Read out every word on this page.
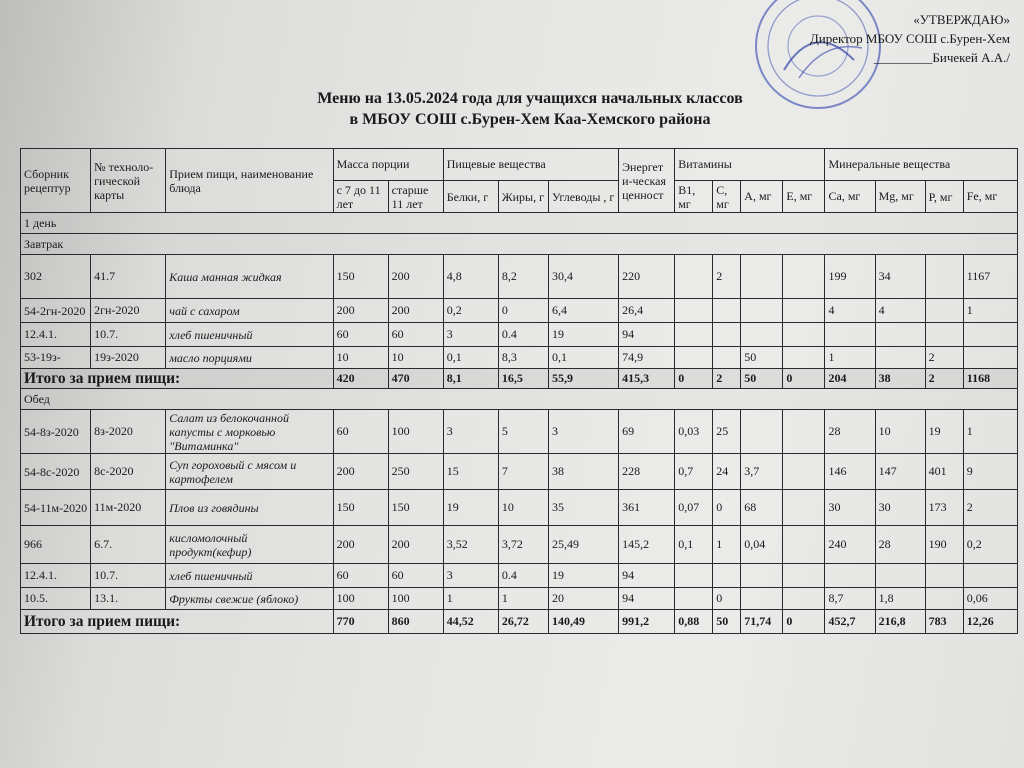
«УТВЕРЖДАЮ»
Директор МБОУ СОШ с.Бурен-Хем
_________Бичекей А.А./
Меню на 13.05.2024 года для учащихся начальных классов
в МБОУ СОШ с.Бурен-Хем Каа-Хемского района
Сборник рецептур	№ техноло-гической карты	Прием пищи, наименование блюда	Масса порции		Пищевые вещества			Энергет и-ческая ценност	Витамины				Минеральные вещества			
			с 7 до 11 лет	старше 11 лет	Белки, г	Жиры, г	Углеводы , г		В1, мг	С, мг	А, мг	Е, мг	Са, мг	Mg, мг	Р, мг	Fe, мг
1 день																
Завтрак																
302	41.7	Каша манная жидкая	150	200	4,8	8,2	30,4	220		2			199	34		1167
54-2гн-2020	2гн-2020	чай с сахаром	200	200	0,2	0	6,4	26,4					4	4		1
12.4.1.	10.7.	хлеб пшеничный	60	60	3	0.4	19	94								
53-19з-	19з-2020	масло порциями	10	10	0,1	8,3	0,1	74,9			50		1		2	
Итого за прием пищи:			420	470	8,1	16,5	55,9	415,3	0	2	50	0	204	38	2	1168
Обед																
54-8з-2020	8з-2020	Салат из белокочанной капусты с морковью "Витаминка"	60	100	3	5	3	69	0,03	25			28	10	19	1
54-8с-2020	8с-2020	Суп гороховый с мясом и картофелем	200	250	15	7	38	228	0,7	24	3,7		146	147	401	9
54-11м-2020	11м-2020	Плов из говядины	150	150	19	10	35	361	0,07	0	68		30	30	173	2
966	6.7.	кисломолочный продукт(кефир)	200	200	3,52	3,72	25,49	145,2	0,1	1	0,04		240	28	190	0,2
12.4.1.	10.7.	хлеб пшеничный	60	60	3	0.4	19	94								
10.5.	13.1.	Фрукты свежие (яблоко)	100	100	1	1	20	94		0			8,7	1,8		0,06
Итого за прием пищи:			770	860	44,52	26,72	140,49	991,2	0,88	50	71,74	0	452,7	216,8	783	12,26
